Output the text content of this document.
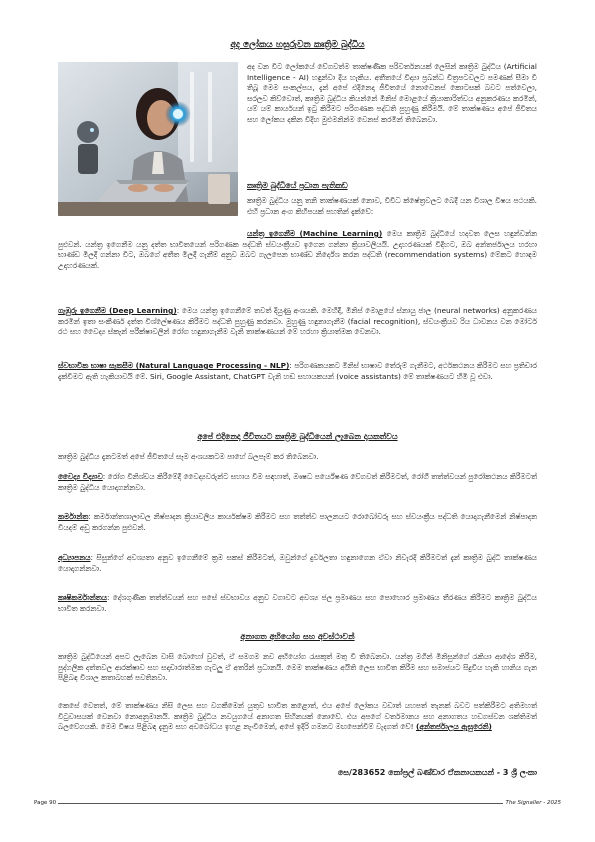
අද ලෝකය හසුරුවන කෘත්‍රිම බුද්ධිය
අද වන විට ලෝකයේ වේගවත්ම තාක්ෂණික පරිවර්තනයක් ලෙසින් කෘත්‍රිම බුද්ධිය (Artificial Intelligence - AI) හඳුන්වා දිය හැකිය. අතීතයේ විද්‍යා ප්‍රබන්ධ චිත්‍රපටවලට පමණක් සීමා වී තිබූ මෙම සංකල්පය, දැන් අපේ එදිනෙදා ජීවිතයේ නොවෙනස් කොටසක් බවට පත්වෙලා, සරලව කිව්වොත්, කෘත්‍රිම බුද්ධිය කියන්නේ මිනිස් මොළයේ ක්‍රියාකාරිත්වය අනුකරණය කරමින්, යම් යම් කාර්යයන් ඉටු කිරීමට පරිගණක පද්ධති පුහුණු කිරීමයි. මේ තාක්ෂණය අපේ ජීවිතය සහ ලෝකය දකින විදිහ මුළුමනින්ම වෙනස් කරමින් තිබෙනවා.
කෘත්‍රිම බුද්ධියේ ප්‍රධාන පැතිකඩ
කෘත්‍රිම බුද්ධිය යනු තනි තාක්ෂණයක් නොව, විවිධ ක්ෂේත්‍රවලට බෙදී යන විශාල විෂය පථයකි. එහි ප්‍රධාන අංග කිහිපයක් පහතින් දැක්වේ:
යන්ත්‍ර ඉගෙනීම (Machine Learning) මෙය කෘත්‍රිම බුද්ධියේ හදවත ලෙස හඳුන්වන්න පුළුවන්. යන්ත්‍ර ඉගෙනීම යනු දත්ත භාවිතයෙන් පරිගණක පද්ධති ස්වයංක්‍රීයව ඉගෙන ගන්නා ක්‍රියාවලියයි. උදාහරණයක් විදිහට, ඔබ අන්තර්ජාලය හරහා භාණ්ඩ මිලදී ගන්නා විට, ඔබගේ අතීත මිලදී ගැනීම් අනුව ඔබට ගැලපෙන භාණ්ඩ නිර්දේශ කරන පද්ධති (recommendation systems) මේකට හොඳම උදාහරණයක්.
ගැඹුරු ඉගෙනීම (Deep Learning): මෙය යන්ත්‍ර ඉගෙනීමේ තවත් දියුණු අංශයකි. මෙහිදී, මිනිස් මොළයේ ස්නායු ජාල (neural networks) අනුකරණය කරමින් ඉතා සංකීර්ණ දත්ත විශ්ලේෂණය කිරීමට පද්ධති පුහුණු කරනවා. මුහුණු හඳුනාගැනීම (facial recognition), ස්වයංක්‍රීයව රිය ධාවනය වන මෝටර් රථ සහ වෛද්‍ය ස්කෑන් පරීක්ෂාවලින් රෝග හඳුනාගැනීම වැනි තාක්ෂණයන් මේ හරහා ක්‍රියාත්මක වෙනවා.
ස්වභාවික භාෂා සැකසීම (Natural Language Processing - NLP): පරිගණකයකට මිනිස් භාෂාව තේරුම් ගැනීමට, අර්ථකථනය කිරීමට සහ ප්‍රතිචාර දැක්වීමට ඇති හැකියාවයි මේ. Siri, Google Assistant, ChatGPT වැනි හඬ සහායකයන් (voice assistants) මේ තාක්ෂණයට හිමි වූ එවා.
අපේ එදිනෙදා ජීවිතයට කෘත්‍රිම බුද්ධියෙන් ලැබෙන දායකත්වය
කෘත්‍රිම බුද්ධිය දැනටමත් අපේ ජීවිතයේ සෑම අංශයකටම පාහේ බලපෑම් කර තිබෙනවා.
වෛද්‍ය විද්‍යාව: රෝග විනිශ්චය කිරීමේදී වෛද්‍යවරුන්ට සහාය වීම සඳහාත්, ඖෂධ පර්යේෂණ වේගවත් කිරීමටත්, රෝගී තත්ත්වයන් පුරෝකථනය කිරීමටත් කෘත්‍රිම බුද්ධිය යොදාගන්නවා.
කර්මාන්ත: කර්මාන්තශාලාවල නිෂ්පාදන ක්‍රියාවලිය කාර්යක්ෂම කිරීමට සහ තත්ත්ව පාලනයට රොබෝවරු සහ ස්වයංක්‍රීය පද්ධති යොදාගැනීමෙන් නිෂ්පාදන වියදම් අඩු කරගන්න පුළුවන්.
අධ්‍යාපනය: සිසුන්ගේ අවශ්‍යතා අනුව ඉගෙනීමේ ක්‍රම සකස් කිරීමටත්, ඔවුන්ගේ දුර්වලතා හඳුනාගෙන ඒවා නිවැරදි කිරීමටත් දැන් කෘත්‍රිම බුද්ධි තාක්ෂණය යොදාගන්නවා.
කෘෂිකර්මාන්තය: දේශගුණික තත්ත්වයන් සහ පසේ ස්වභාවය අනුව වගාවට අවශ්‍ය ජල ප්‍රමාණය සහ පොහොර ප්‍රමාණය තීරණය කිරීමට කෘත්‍රිම බුද්ධිය භාවිත කරනවා.
අනාගත අභියෝග සහ අවස්ථාවන්
කෘත්‍රිම බුද්ධියෙන් අපට ලැබෙන වාසි බොහෝ වුවත්, ඒ සමගම නව අභියෝග රැසකුත් මතු වී තිබෙනවා. යන්ත්‍ර මගින් මිනිසුන්ගේ රැකියා ආදේශ කිරීම, පුද්ගලික දත්තවල ආරක්ෂාව සහ සදාචාරාත්මක ගැටලු ඒ අතරින් ප්‍රධානයි. මෙම තාක්ෂණය අයිති ලෙස භාවිත කිරීම සහ සමාජයට සිදුවිය හැකි හානිය ගැන පිළිබඳ විශාල කතාබහක් පවතිනවා.
කෙසේ වෙතත්, මේ තාක්ෂණය නිසි ලෙස සහ වගකීමෙන් යුතුව භාවිත කළොත්, එය අපේ ලෝකය වඩාත් යහපත් තැනක් බවට පත්කිරීමට අතිමහත් විටුවාසයක් වෙනවා නොඅනුමානයි. කෘත්‍රිම බුද්ධිය නවයුගයේ අනාගත සිහිනයක් නොවේ. එය අපගේ වර්තමානය සහ අනාගතය හඩගස්වන ශක්තිමත් බලවේගයකි. මෙම විෂය පිළිබඳ දැනුම සහ අවබෝධය ඉහළ නැංවීමෙන්, අපේ ඉදිරි ගමනට මඟපෙන්වීම් වැදගත් වේ! (අන්තර්ජාලය ඇසුරෙනි)
සෙ/283652 කෝප්‍රල් බණ්ඩාර ඒකනායකයන් - 3 ශ්‍රී ලංකා
Page 90	The Signaller - 2025
